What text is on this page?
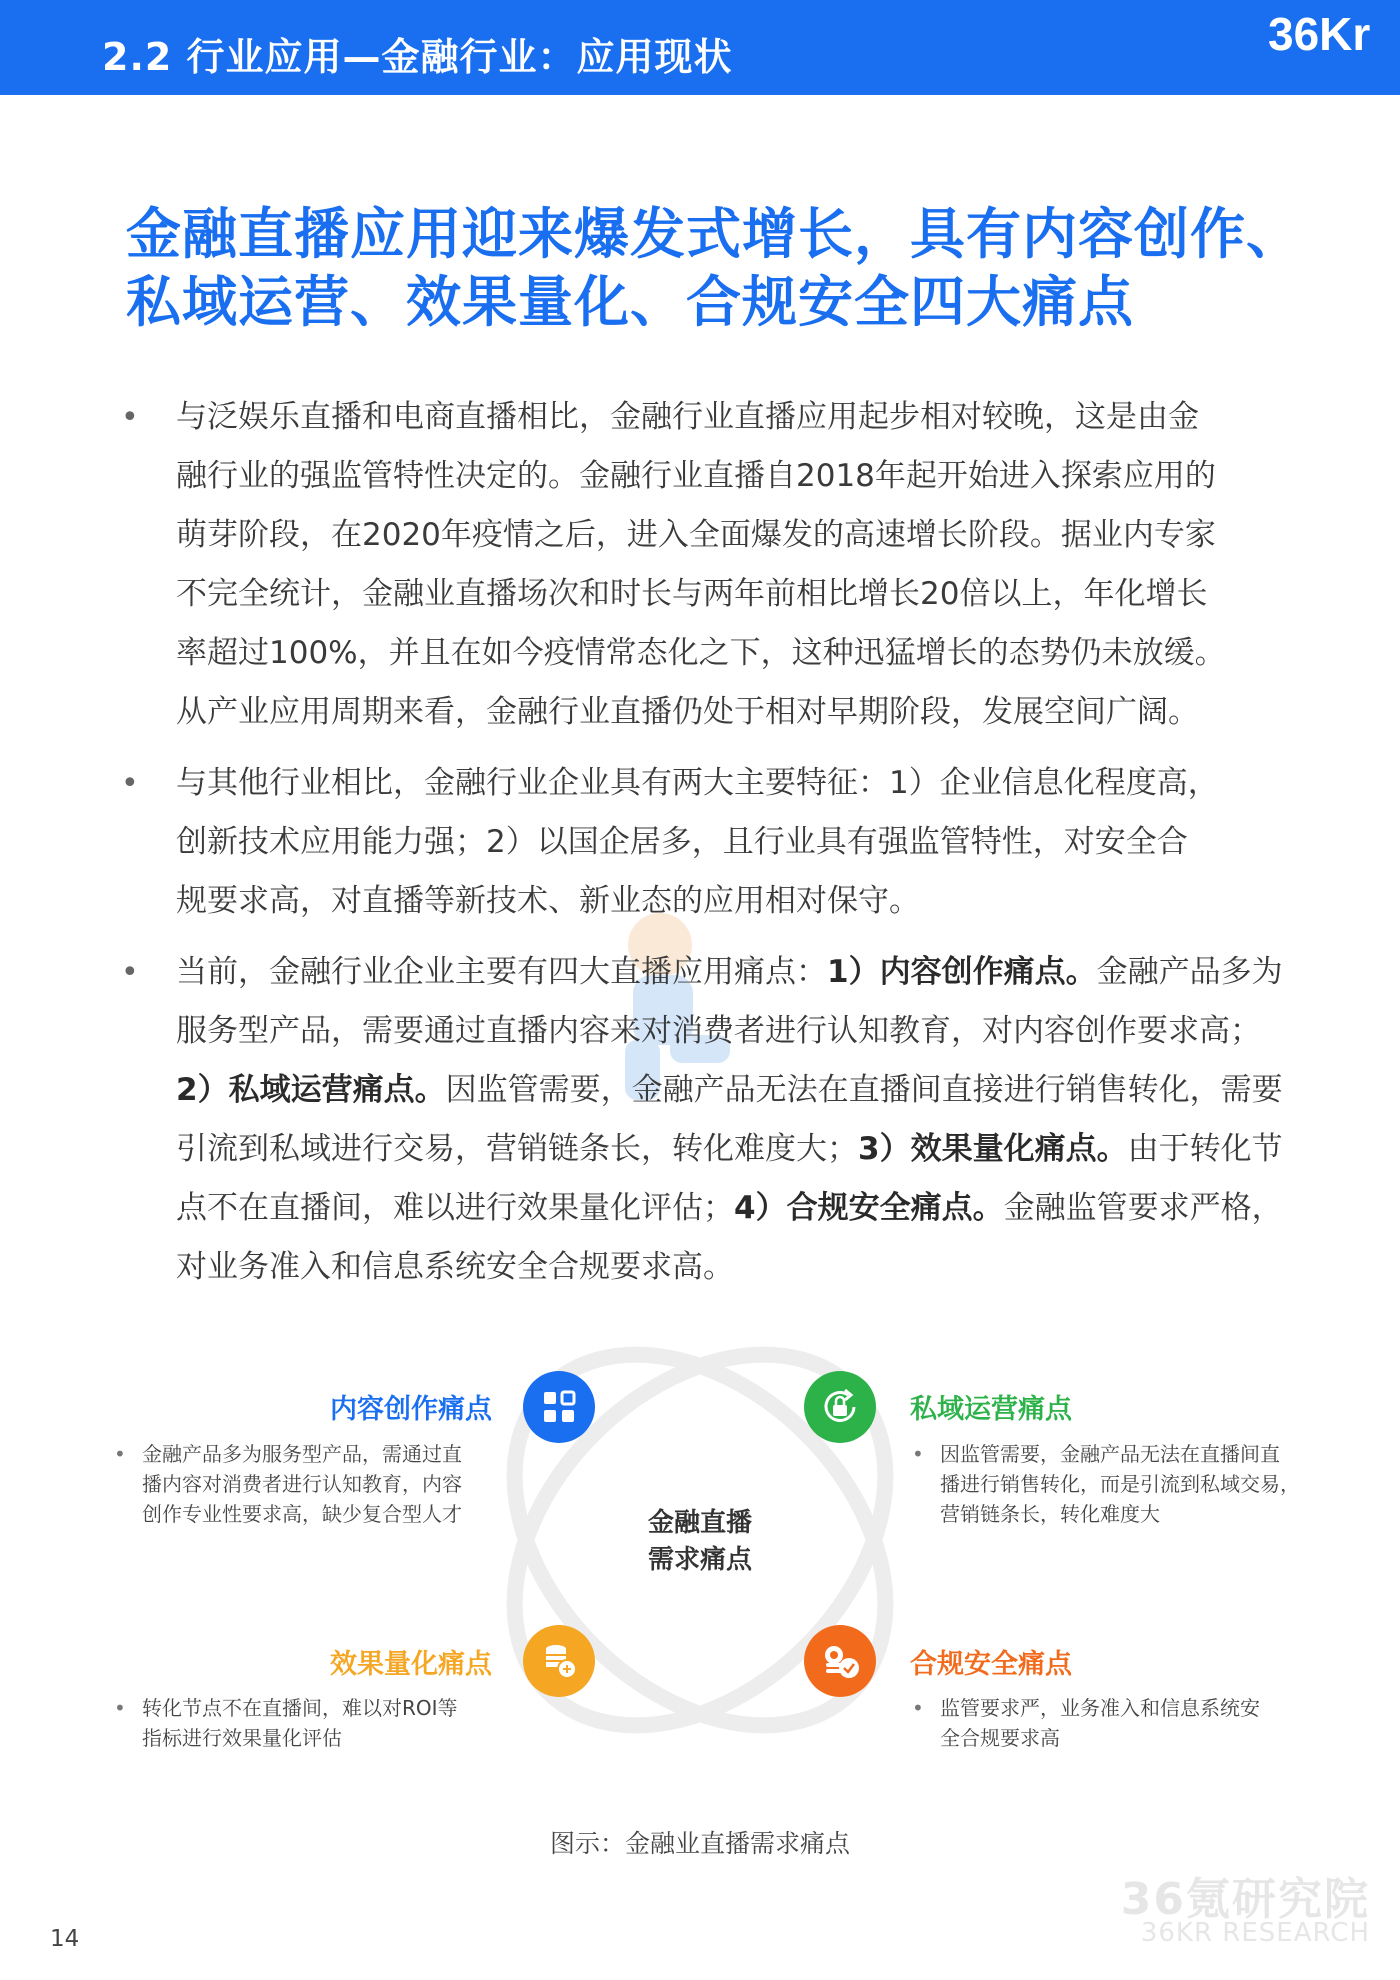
2.2 行业应用—金融行业：应用现状	36Kr
金融直播应用迎来爆发式增长，具有内容创作、
私域运营、效果量化、合规安全四大痛点
• 与泛娱乐直播和电商直播相比，金融行业直播应用起步相对较晚，这是由金
融行业的强监管特性决定的。金融行业直播自2018年起开始进入探索应用的
萌芽阶段，在2020年疫情之后，进入全面爆发的高速增长阶段。据业内专家
不完全统计，金融业直播场次和时长与两年前相比增长20倍以上，年化增长
率超过100%，并且在如今疫情常态化之下，这种迅猛增长的态势仍未放缓。
从产业应用周期来看，金融行业直播仍处于相对早期阶段，发展空间广阔。
• 与其他行业相比，金融行业企业具有两大主要特征：1）企业信息化程度高，
创新技术应用能力强；2）以国企居多，且行业具有强监管特性，对安全合
规要求高，对直播等新技术、新业态的应用相对保守。
• 当前，金融行业企业主要有四大直播应用痛点：1）内容创作痛点。金融产品多为服务型产品，需要通过直播内容来对消费者进行认知教育，对内容创作要求高；2）私域运营痛点。因监管需要，金融产品无法在直播间直接进行销售转化，需要引流到私域进行交易，营销链条长，转化难度大；3）效果量化痛点。由于转化节点不在直播间，难以进行效果量化评估；4）合规安全痛点。金融监管要求严格，对业务准入和信息系统安全合规要求高。
金融直播
需求痛点
内容创作痛点
• 金融产品多为服务型产品，需通过直
播内容对消费者进行认知教育，内容
创作专业性要求高，缺少复合型人才
私域运营痛点
• 因监管需要，金融产品无法在直播间直
播进行销售转化，而是引流到私域交易，
营销链条长，转化难度大
效果量化痛点
• 转化节点不在直播间，难以对ROI等
指标进行效果量化评估
合规安全痛点
• 监管要求严，业务准入和信息系统安
全合规要求高
图示：金融业直播需求痛点
36氪研究院
36KR RESEARCH
14
